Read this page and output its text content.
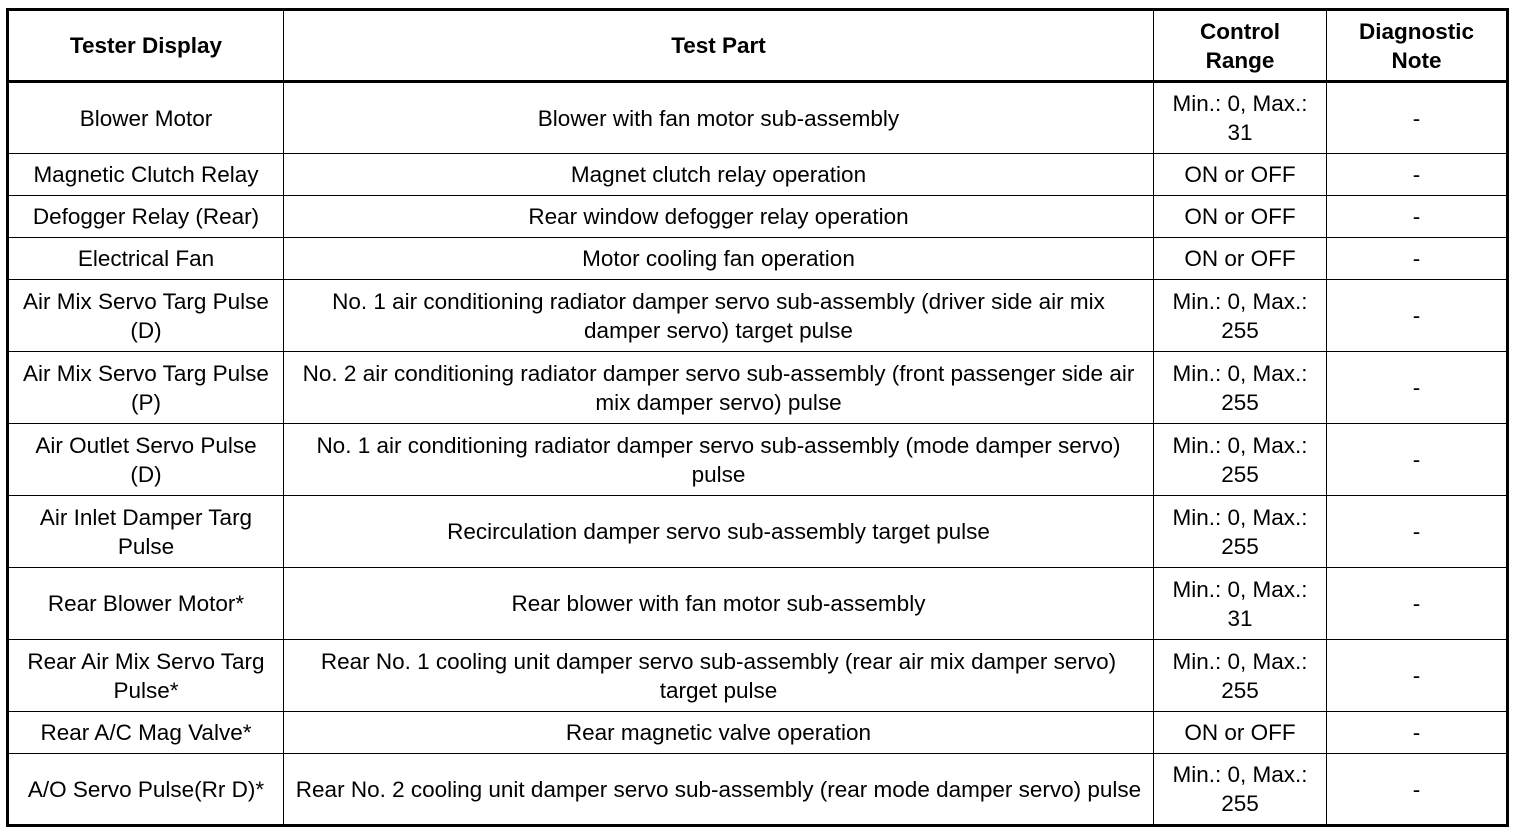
Tester Display	Test Part	Control Range	Diagnostic Note
Blower Motor	Blower with fan motor sub-assembly	Min.: 0, Max.: 31	-
Magnetic Clutch Relay	Magnet clutch relay operation	ON or OFF	-
Defogger Relay (Rear)	Rear window defogger relay operation	ON or OFF	-
Electrical Fan	Motor cooling fan operation	ON or OFF	-
Air Mix Servo Targ Pulse (D)	No. 1 air conditioning radiator damper servo sub-assembly (driver side air mix damper servo) target pulse	Min.: 0, Max.: 255	-
Air Mix Servo Targ Pulse (P)	No. 2 air conditioning radiator damper servo sub-assembly (front passenger side air mix damper servo) pulse	Min.: 0, Max.: 255	-
Air Outlet Servo Pulse (D)	No. 1 air conditioning radiator damper servo sub-assembly (mode damper servo) pulse	Min.: 0, Max.: 255	-
Air Inlet Damper Targ Pulse	Recirculation damper servo sub-assembly target pulse	Min.: 0, Max.: 255	-
Rear Blower Motor*	Rear blower with fan motor sub-assembly	Min.: 0, Max.: 31	-
Rear Air Mix Servo Targ Pulse*	Rear No. 1 cooling unit damper servo sub-assembly (rear air mix damper servo) target pulse	Min.: 0, Max.: 255	-
Rear A/C Mag Valve*	Rear magnetic valve operation	ON or OFF	-
A/O Servo Pulse(Rr D)*	Rear No. 2 cooling unit damper servo sub-assembly (rear mode damper servo) pulse	Min.: 0, Max.: 255	-
